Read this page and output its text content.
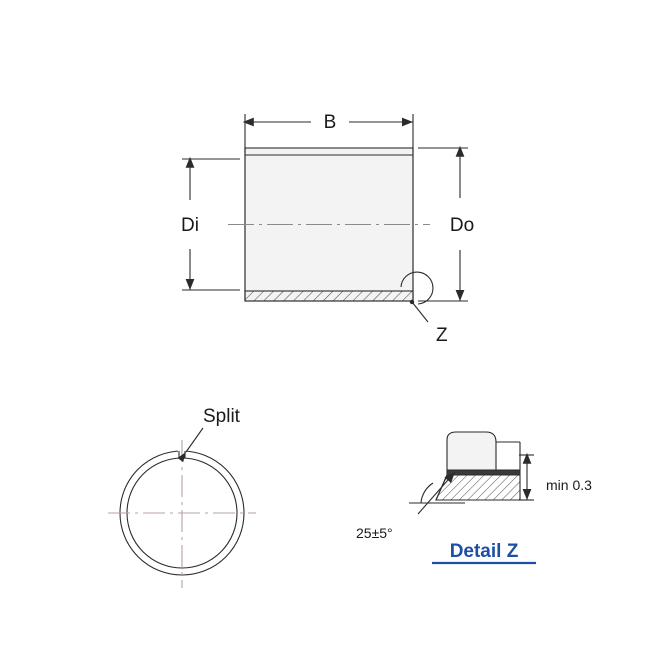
B
Di	Do
Z
Split
min 0.3
25±5°
Detail Z
